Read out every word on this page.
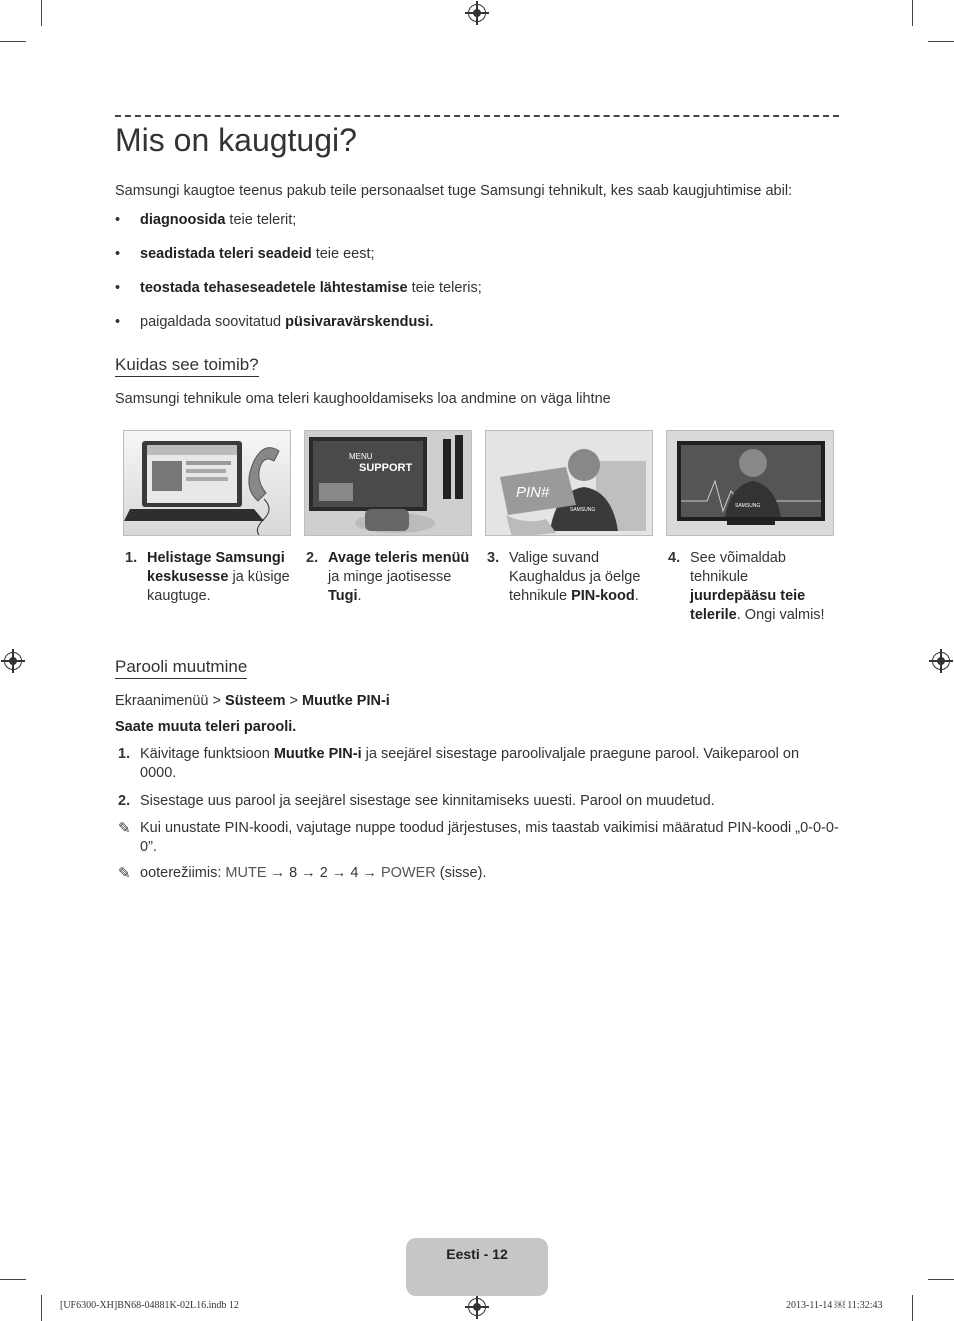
Mis on kaugtugi?

Samsungi kaugtoe teenus pakub teile personaalset tuge Samsungi tehnikult, kes saab kaugjuhtimise abil:

• diagnoosida teie telerit;
• seadistada teleri seadeid teie eest;
• teostada tehaseseadetele lähtestamise teie teleris;
• paigaldada soovitatud püsivaravärskendusi.
Kuidas see toimib?

Samsungi tehnikule oma teleri kaughooldamiseks loa andmine on väga lihtne

MENU
SUPPORT
SAMSUNG
PIN#
SAMSUNG
1. Helistage Samsungi keskusesse ja küsige kaugtuge.
2. Avage teleris menüü ja minge jaotisesse Tugi.
3. Valige suvand Kaughaldus ja öelge tehnikule PIN-kood.
4. See võimaldab tehnikule juurdepääsu teie telerile. Ongi valmis!
Parooli muutmine
Ekraanimenüü > Süsteem > Muutke PIN-i
Saate muuta teleri parooli.
1. Käivitage funktsioon Muutke PIN-i ja seejärel sisestage paroolivaljale praegune parool. Vaikeparool on 0000.
2. Sisestage uus parool ja seejärel sisestage see kinnitamiseks uuesti. Parool on muudetud.
✎ Kui unustate PIN-koodi, vajutage nuppe toodud järjestuses, mis taastab vaikimisi määratud PIN-koodi „0-0-0-0”.
✎ ooterežiimis: MUTE → 8 → 2 → 4 → POWER (sisse).
Eesti - 12
[UF6300-XH]BN68-04881K-02L16.indb 12	2013-11-14 ￼ 11:32:43
